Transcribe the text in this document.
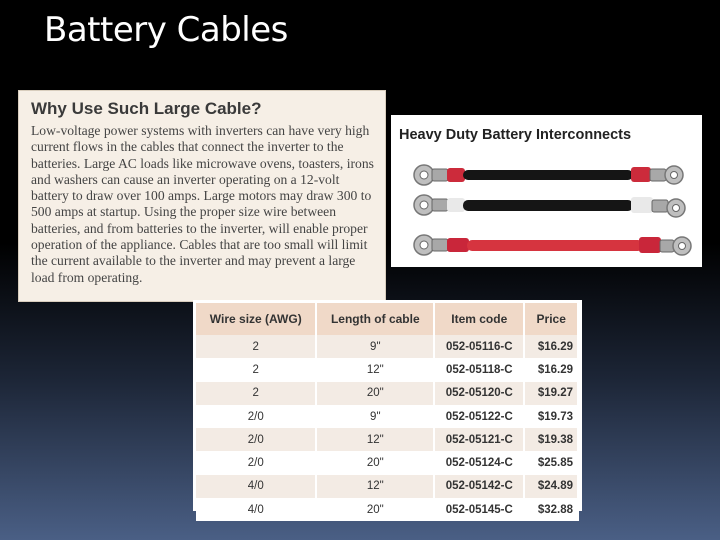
Battery Cables

Why Use Such Large Cable?

Low-voltage power systems with inverters can have very high current flows in the cables that connect the inverter to the batteries. Large AC loads like microwave ovens, toasters, irons and washers can cause an inverter operating on a 12-volt battery to draw over 100 amps. Large motors may draw 300 to 500 amps at startup. Using the proper size wire between batteries, and from batteries to the inverter, will enable proper operation of the appliance. Cables that are too small will limit the current available to the inverter and may prevent a large load from operating.

Heavy Duty Battery Interconnects
Wire size (AWG)	Length of cable	Item code	Price
2	9"	052-05116-C	$16.29
2	12"	052-05118-C	$16.29
2	20"	052-05120-C	$19.27
2/0	9"	052-05122-C	$19.73
2/0	12"	052-05121-C	$19.38
2/0	20"	052-05124-C	$25.85
4/0	12"	052-05142-C	$24.89
4/0	20"	052-05145-C	$32.88
